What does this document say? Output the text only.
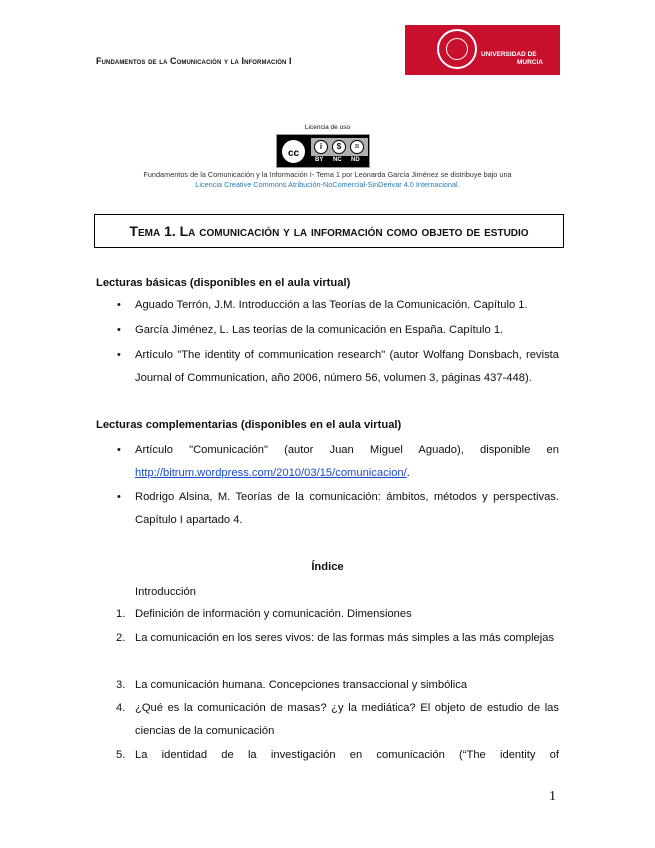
Fundamentos de la Comunicación y la Información I
UNIVERSIDAD DE
MURCIA
Licencia de uso
cc
i	$	=
BY NC ND
Fundamentos de la Comunicación y la Información I- Tema 1 por Leonarda García Jiménez se distribuye bajo una
Licencia Creative Commons Atribución-NoComercial-SinDerivar 4.0 Internacional.
Tema 1. La comunicación y la información como objeto de estudio
Lecturas básicas (disponibles en el aula virtual)
• Aguado Terrón, J.M. Introducción a las Teorías de la Comunicación. Capítulo 1.
• García Jiménez, L. Las teorías de la comunicación en España. Capítulo 1.
• Artículo "The identity of communication research" (autor Wolfang Donsbach, revista Journal of Communication, año 2006, número 56, volumen 3, páginas 437-448).
Lecturas complementarias (disponibles en el aula virtual)
• Artículo "Comunicación" (autor Juan Miguel Aguado), disponible en
http://bitrum.wordpress.com/2010/03/15/comunicacion/.
• Rodrigo Alsina, M. Teorías de la comunicación: ámbitos, métodos y perspectivas. Capítulo I apartado 4.
Índice
Introducción
1. Definición de información y comunicación. Dimensiones
2. La comunicación en los seres vivos: de las formas más simples a las más complejas
3. La comunicación humana. Concepciones transaccional y simbólica
4. ¿Qué es la comunicación de masas? ¿y la mediática? El objeto de estudio de las ciencias de la comunicación
5. La identidad de la investigación en comunicación (“The identity of
1
